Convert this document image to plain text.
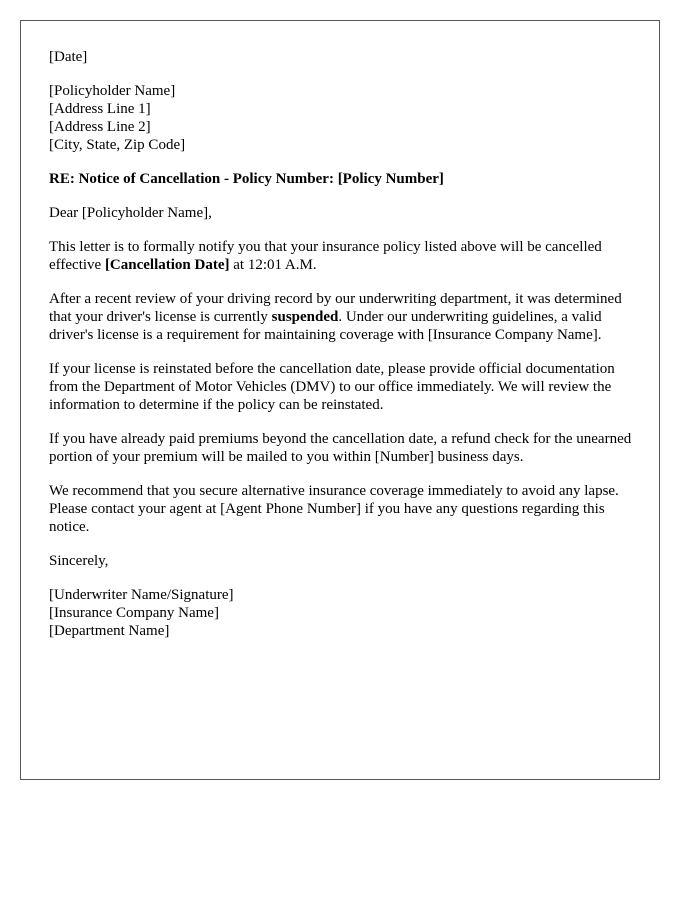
[Date]

[Policyholder Name]
[Address Line 1]
[Address Line 2]
[City, State, Zip Code]

RE: Notice of Cancellation - Policy Number: [Policy Number]

Dear [Policyholder Name],

This letter is to formally notify you that your insurance policy listed above will be cancelled effective [Cancellation Date] at 12:01 A.M.

After a recent review of your driving record by our underwriting department, it was determined that your driver's license is currently suspended. Under our underwriting guidelines, a valid driver's license is a requirement for maintaining coverage with [Insurance Company Name].

If your license is reinstated before the cancellation date, please provide official documentation from the Department of Motor Vehicles (DMV) to our office immediately. We will review the information to determine if the policy can be reinstated.

If you have already paid premiums beyond the cancellation date, a refund check for the unearned portion of your premium will be mailed to you within [Number] business days.

We recommend that you secure alternative insurance coverage immediately to avoid any lapse. Please contact your agent at [Agent Phone Number] if you have any questions regarding this notice.

Sincerely,

[Underwriter Name/Signature]
[Insurance Company Name]
[Department Name]
